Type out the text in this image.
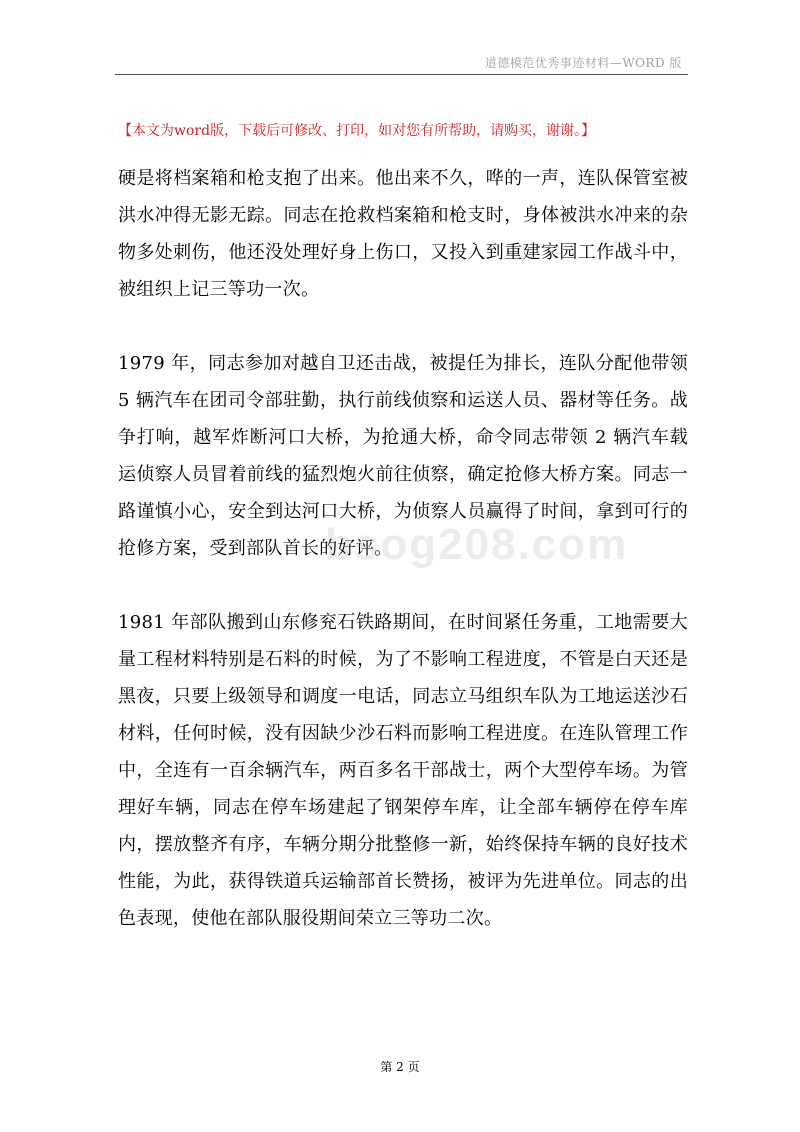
道德模范优秀事迹材料—WORD 版
【本文为word版，下载后可修改、打印，如对您有所帮助，请购买，谢谢。】

硬是将档案箱和枪支抱了出来。他出来不久，哗的一声，连队保管室被洪水冲得无影无踪。同志在抢救档案箱和枪支时，身体被洪水冲来的杂物多处刺伤，他还没处理好身上伤口，又投入到重建家园工作战斗中，被组织上记三等功一次。

1979 年，同志参加对越自卫还击战，被提任为排长，连队分配他带领 5 辆汽车在团司令部驻勤，执行前线侦察和运送人员、器材等任务。战争打响，越军炸断河口大桥，为抢通大桥，命令同志带领 2 辆汽车载运侦察人员冒着前线的猛烈炮火前往侦察，确定抢修大桥方案。同志一路谨慎小心，安全到达河口大桥，为侦察人员赢得了时间，拿到可行的抢修方案，受到部队首长的好评。

1981 年部队搬到山东修兖石铁路期间，在时间紧任务重，工地需要大量工程材料特别是石料的时候，为了不影响工程进度，不管是白天还是黑夜，只要上级领导和调度一电话，同志立马组织车队为工地运送沙石材料，任何时候，没有因缺少沙石料而影响工程进度。在连队管理工作中，全连有一百余辆汽车，两百多名干部战士，两个大型停车场。为管理好车辆，同志在停车场建起了钢架停车库，让全部车辆停在停车库内，摆放整齐有序，车辆分期分批整修一新，始终保持车辆的良好技术性能，为此，获得铁道兵运输部首长赞扬，被评为先进单位。同志的出色表现，使他在部队服役期间荣立三等功二次。

bsog208.com
第 2 页
